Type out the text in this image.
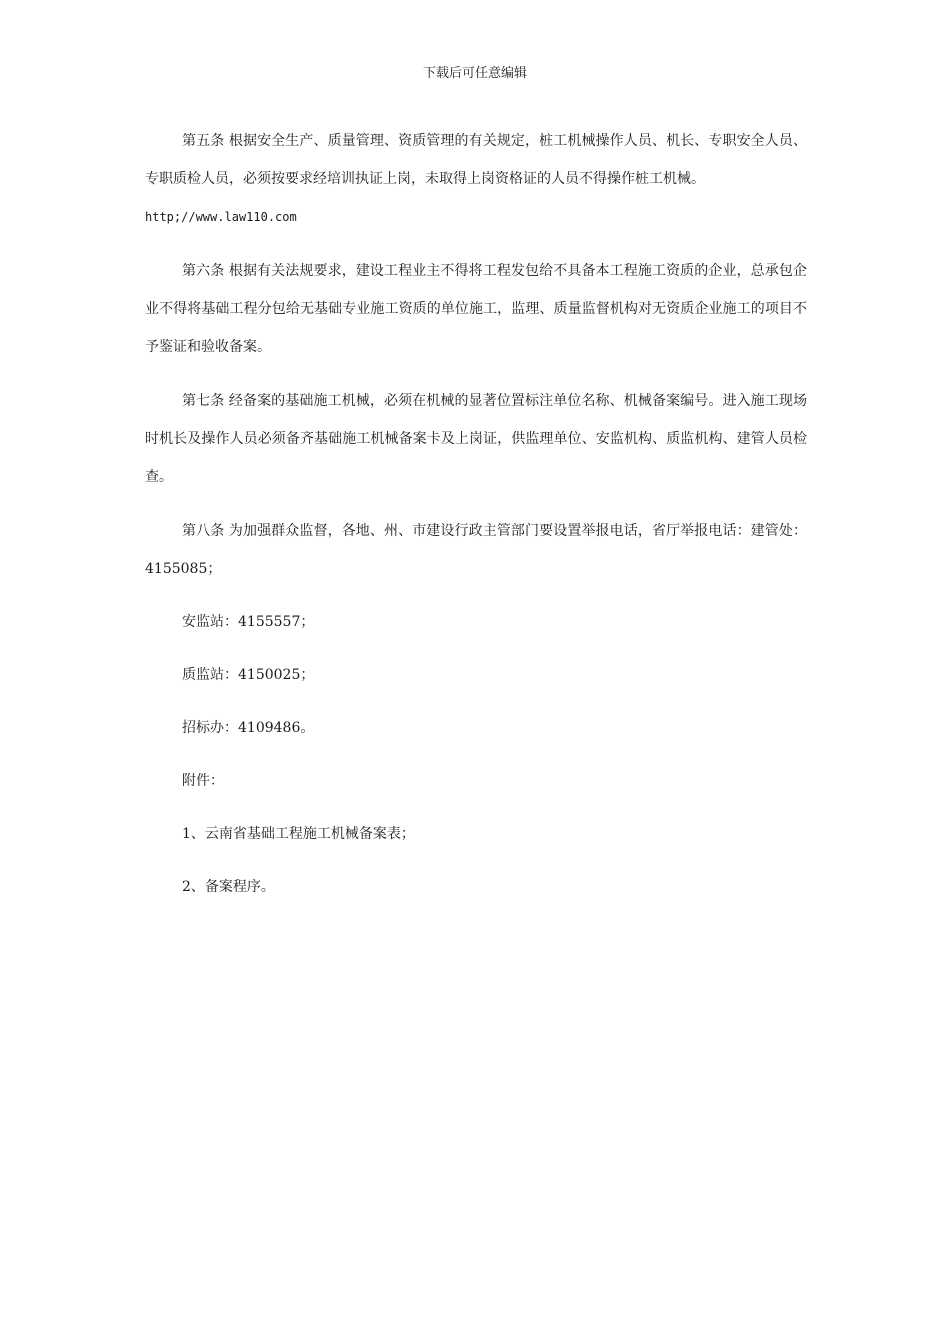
下载后可任意编辑

第五条 根据安全生产、质量管理、资质管理的有关规定，桩工机械操作人员、机长、专职安全人员、专职质检人员，必须按要求经培训执证上岗，未取得上岗资格证的人员不得操作桩工机械。

http;//www.law110.com

第六条 根据有关法规要求，建设工程业主不得将工程发包给不具备本工程施工资质的企业，总承包企业不得将基础工程分包给无基础专业施工资质的单位施工，监理、质量监督机构对无资质企业施工的项目不予鉴证和验收备案。

第七条 经备案的基础施工机械，必须在机械的显著位置标注单位名称、机械备案编号。进入施工现场时机长及操作人员必须备齐基础施工机械备案卡及上岗证，供监理单位、安监机构、质监机构、建管人员检查。

第八条 为加强群众监督，各地、州、市建设行政主管部门要设置举报电话，省厅举报电话：建管处：4155085；

安监站：4155557；

质监站：4150025；

招标办：4109486。

附件：

1、云南省基础工程施工机械备案表；

2、备案程序。
